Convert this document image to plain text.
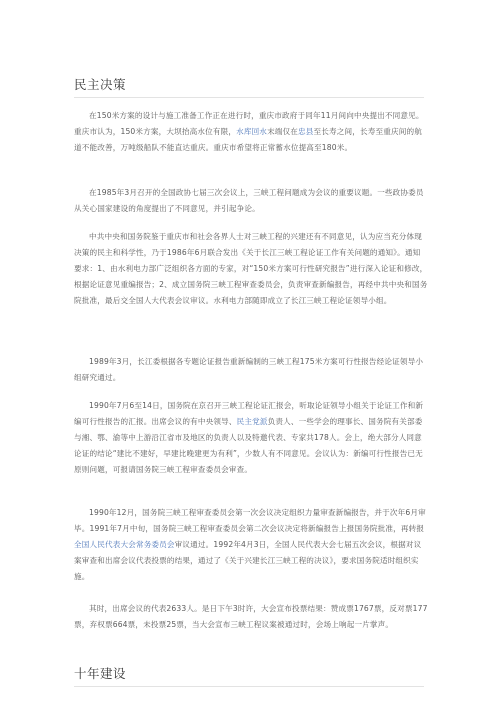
民主决策

在150米方案的设计与施工准备工作正在进行时，重庆市政府于同年11月间向中央提出不同意见。重庆市认为，150米方案，大坝抬高水位有限，水库回水末端仅在忠县至长寿之间，长寿至重庆间的航道不能改善，万吨级船队不能直达重庆。重庆市希望将正常蓄水位提高至180米。

在1985年3月召开的全国政协七届三次会议上，三峡工程问题成为会议的重要议题。一些政协委员从关心国家建设的角度提出了不同意见，并引起争论。

中共中央和国务院鉴于重庆市和社会各界人士对三峡工程的兴建还有不同意见，认为应当充分体现决策的民主和科学性，乃于1986年6月联合发出《关于长江三峡工程论证工作有关问题的通知》。通知要求：1、由水利电力部广泛组织各方面的专家，对“150米方案可行性研究报告”进行深入论证和修改，根据论证意见重编报告；2、成立国务院三峡工程审查委员会，负责审查新编报告，再经中共中央和国务院批准，最后交全国人大代表会议审议。水利电力部随即成立了长江三峡工程论证领导小组。

1989年3月，长江委根据各专题论证报告重新编制的三峡工程175米方案可行性报告经论证领导小组研究通过。

1990年7月6至14日，国务院在京召开三峡工程论证汇报会，听取论证领导小组关于论证工作和新编可行性报告的汇报。出席会议的有中央领导、民主党派负责人、一些学会的理事长、国务院有关部委与湘、鄂、渝等中上游沿江省市及地区的负责人以及特邀代表、专家共178人。会上，绝大部分人同意论证的结论“建比不建好，早建比晚建更为有利”，少数人有不同意见。会议认为：新编可行性报告已无原则问题，可报请国务院三峡工程审查委员会审查。

1990年12月，国务院三峡工程审查委员会第一次会议决定组织力量审查新编报告，并于次年6月审毕。1991年7月中旬，国务院三峡工程审查委员会第二次会议决定将新编报告上报国务院批准，再转报全国人民代表大会常务委员会审议通过。1992年4月3日，全国人民代表大会七届五次会议，根据对议案审查和出席会议代表投票的结果，通过了《关于兴建长江三峡工程的决议》，要求国务院适时组织实施。

其时，出席会议的代表2633人。是日下午3时许，大会宣布投票结果：赞成票1767票，反对票177票，弃权票664票，未投票25票，当大会宣布三峡工程议案被通过时，会场上响起一片掌声。

十年建设
